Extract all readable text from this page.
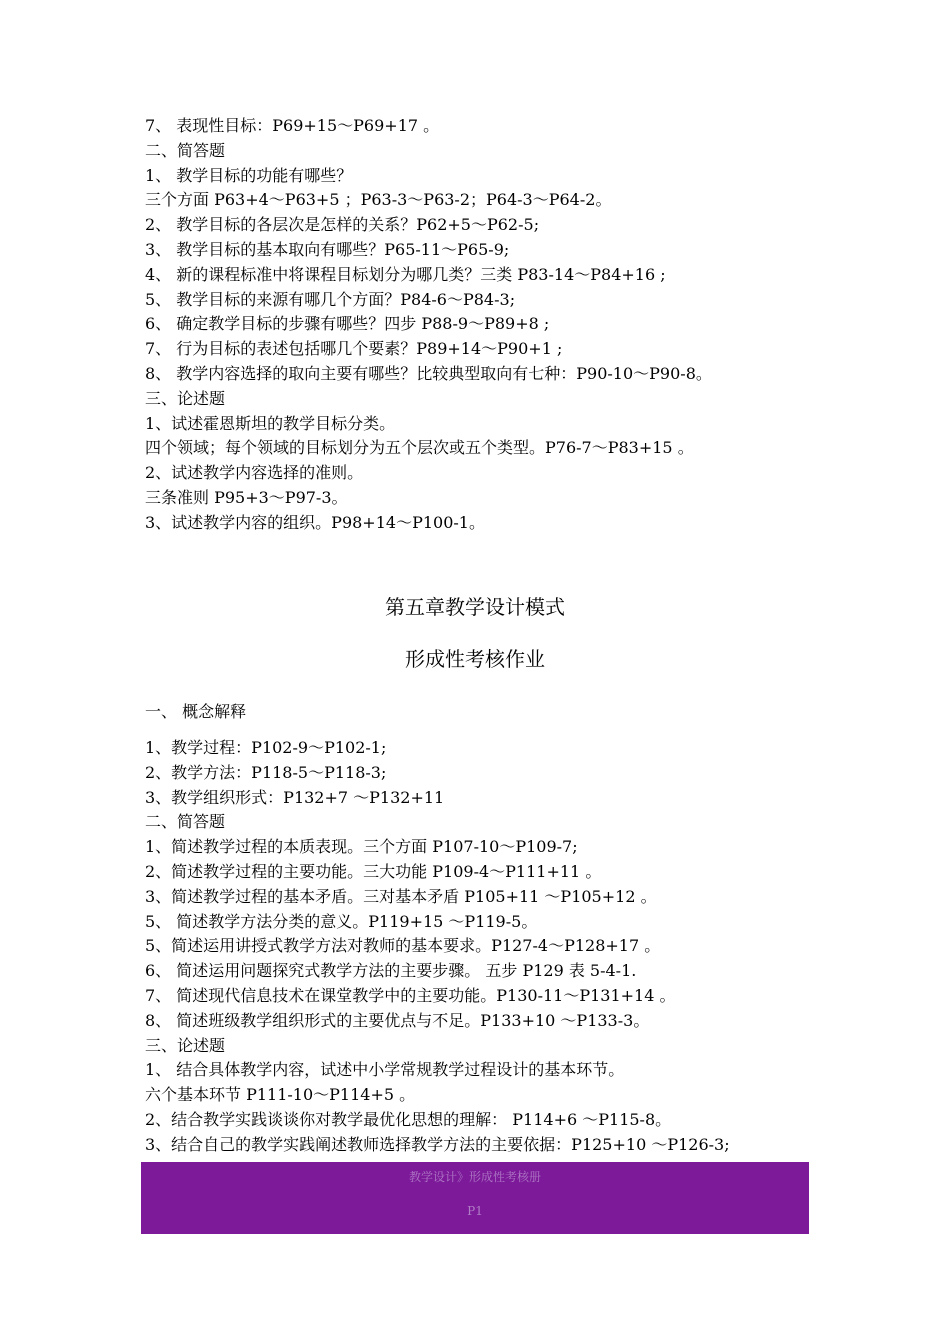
7、 表现性目标：P69+15～P69+17 。
二、简答题
1、 教学目标的功能有哪些？
三个方面 P63+4～P63+5 ；P63-3～P63-2；P64-3～P64-2。
2、 教学目标的各层次是怎样的关系？P62+5～P62-5;
3、 教学目标的基本取向有哪些？P65-11～P65-9;
4、 新的课程标准中将课程目标划分为哪几类？三类 P83-14～P84+16 ;
5、 教学目标的来源有哪几个方面？P84-6～P84-3;
6、 确定教学目标的步骤有哪些？四步 P88-9～P89+8 ;
7、 行为目标的表述包括哪几个要素？P89+14～P90+1 ;
8、 教学内容选择的取向主要有哪些？比较典型取向有七种：P90-10～P90-8。
三、论述题
1、试述霍恩斯坦的教学目标分类。
四个领域；每个领域的目标划分为五个层次或五个类型。P76-7～P83+15 。
2、试述教学内容选择的准则。
三条准则 P95+3～P97-3。
3、试述教学内容的组织。P98+14～P100-1。
第五章教学设计模式
形成性考核作业
一、 概念解释
1、教学过程：P102-9～P102-1;
2、教学方法：P118-5～P118-3;
3、教学组织形式：P132+7 ～P132+11
二、简答题
1、简述教学过程的本质表现。三个方面 P107-10～P109-7;
2、简述教学过程的主要功能。三大功能 P109-4～P111+11 。
3、简述教学过程的基本矛盾。三对基本矛盾 P105+11 ～P105+12 。
5、 简述教学方法分类的意义。P119+15 ～P119-5。
5、简述运用讲授式教学方法对教师的基本要求。P127-4～P128+17 。
6、 简述运用问题探究式教学方法的主要步骤。 五步 P129 表 5-4-1.
7、 简述现代信息技术在课堂教学中的主要功能。P130-11～P131+14 。
8、 简述班级教学组织形式的主要优点与不足。P133+10 ～P133-3。
三、论述题
1、 结合具体教学内容，试述中小学常规教学过程设计的基本环节。
六个基本环节 P111-10～P114+5 。
2、结合教学实践谈谈你对教学最优化思想的理解： P114+6 ～P115-8。
3、结合自己的教学实践阐述教师选择教学方法的主要依据：P125+10 ～P126-3;
教学设计》形成性考核册
P1
